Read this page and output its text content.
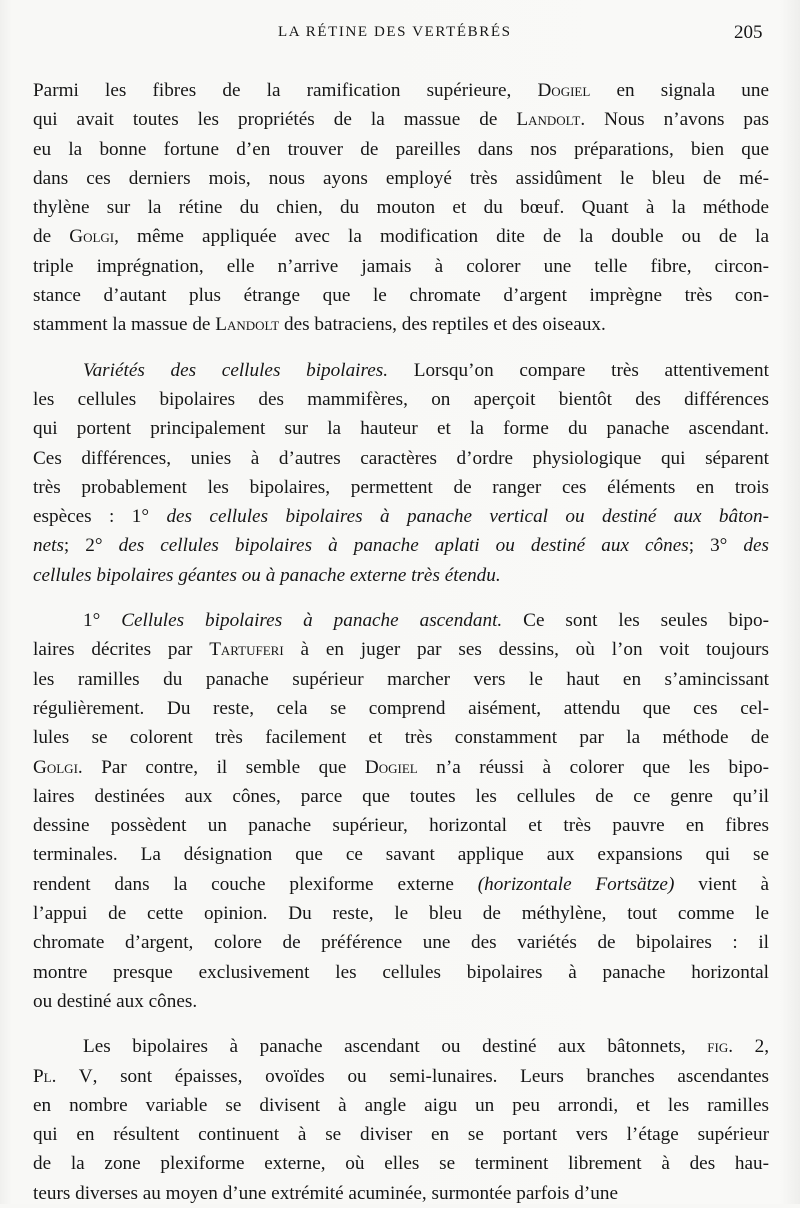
LA RÉTINE DES VERTÉBRÉS	205
Parmi les fibres de la ramification supérieure, Dogiel en signala une
qui avait toutes les propriétés de la massue de Landolt. Nous n’avons pas
eu la bonne fortune d’en trouver de pareilles dans nos préparations, bien que
dans ces derniers mois, nous ayons employé très assidûment le bleu de mé-
thylène sur la rétine du chien, du mouton et du bœuf. Quant à la méthode
de Golgi, même appliquée avec la modification dite de la double ou de la
triple imprégnation, elle n’arrive jamais à colorer une telle fibre, circon-
stance d’autant plus étrange que le chromate d’argent imprègne très con-
stamment la massue de Landolt des batraciens, des reptiles et des oiseaux.
Variétés des cellules bipolaires. Lorsqu’on compare très attentivement
les cellules bipolaires des mammifères, on aperçoit bientôt des différences
qui portent principalement sur la hauteur et la forme du panache ascendant.
Ces différences, unies à d’autres caractères d’ordre physiologique qui séparent
très probablement les bipolaires, permettent de ranger ces éléments en trois
espèces : 1° des cellules bipolaires à panache vertical ou destiné aux bâton-
nets; 2° des cellules bipolaires à panache aplati ou destiné aux cônes; 3° des
cellules bipolaires géantes ou à panache externe très étendu.
1° Cellules bipolaires à panache ascendant. Ce sont les seules bipo-
laires décrites par Tartuferi à en juger par ses dessins, où l’on voit toujours
les ramilles du panache supérieur marcher vers le haut en s’amincissant
régulièrement. Du reste, cela se comprend aisément, attendu que ces cel-
lules se colorent très facilement et très constamment par la méthode de
Golgi. Par contre, il semble que Dogiel n’a réussi à colorer que les bipo-
laires destinées aux cônes, parce que toutes les cellules de ce genre qu’il
dessine possèdent un panache supérieur, horizontal et très pauvre en fibres
terminales. La désignation que ce savant applique aux expansions qui se
rendent dans la couche plexiforme externe (horizontale Fortsätze) vient à
l’appui de cette opinion. Du reste, le bleu de méthylène, tout comme le
chromate d’argent, colore de préférence une des variétés de bipolaires : il
montre presque exclusivement les cellules bipolaires à panache horizontal
ou destiné aux cônes.
Les bipolaires à panache ascendant ou destiné aux bâtonnets, fig. 2,
Pl. V, sont épaisses, ovoïdes ou semi-lunaires. Leurs branches ascendantes
en nombre variable se divisent à angle aigu un peu arrondi, et les ramilles
qui en résultent continuent à se diviser en se portant vers l’étage supérieur
de la zone plexiforme externe, où elles se terminent librement à des hau-
teurs diverses au moyen d’une extrémité acuminée, surmontée parfois d’une
